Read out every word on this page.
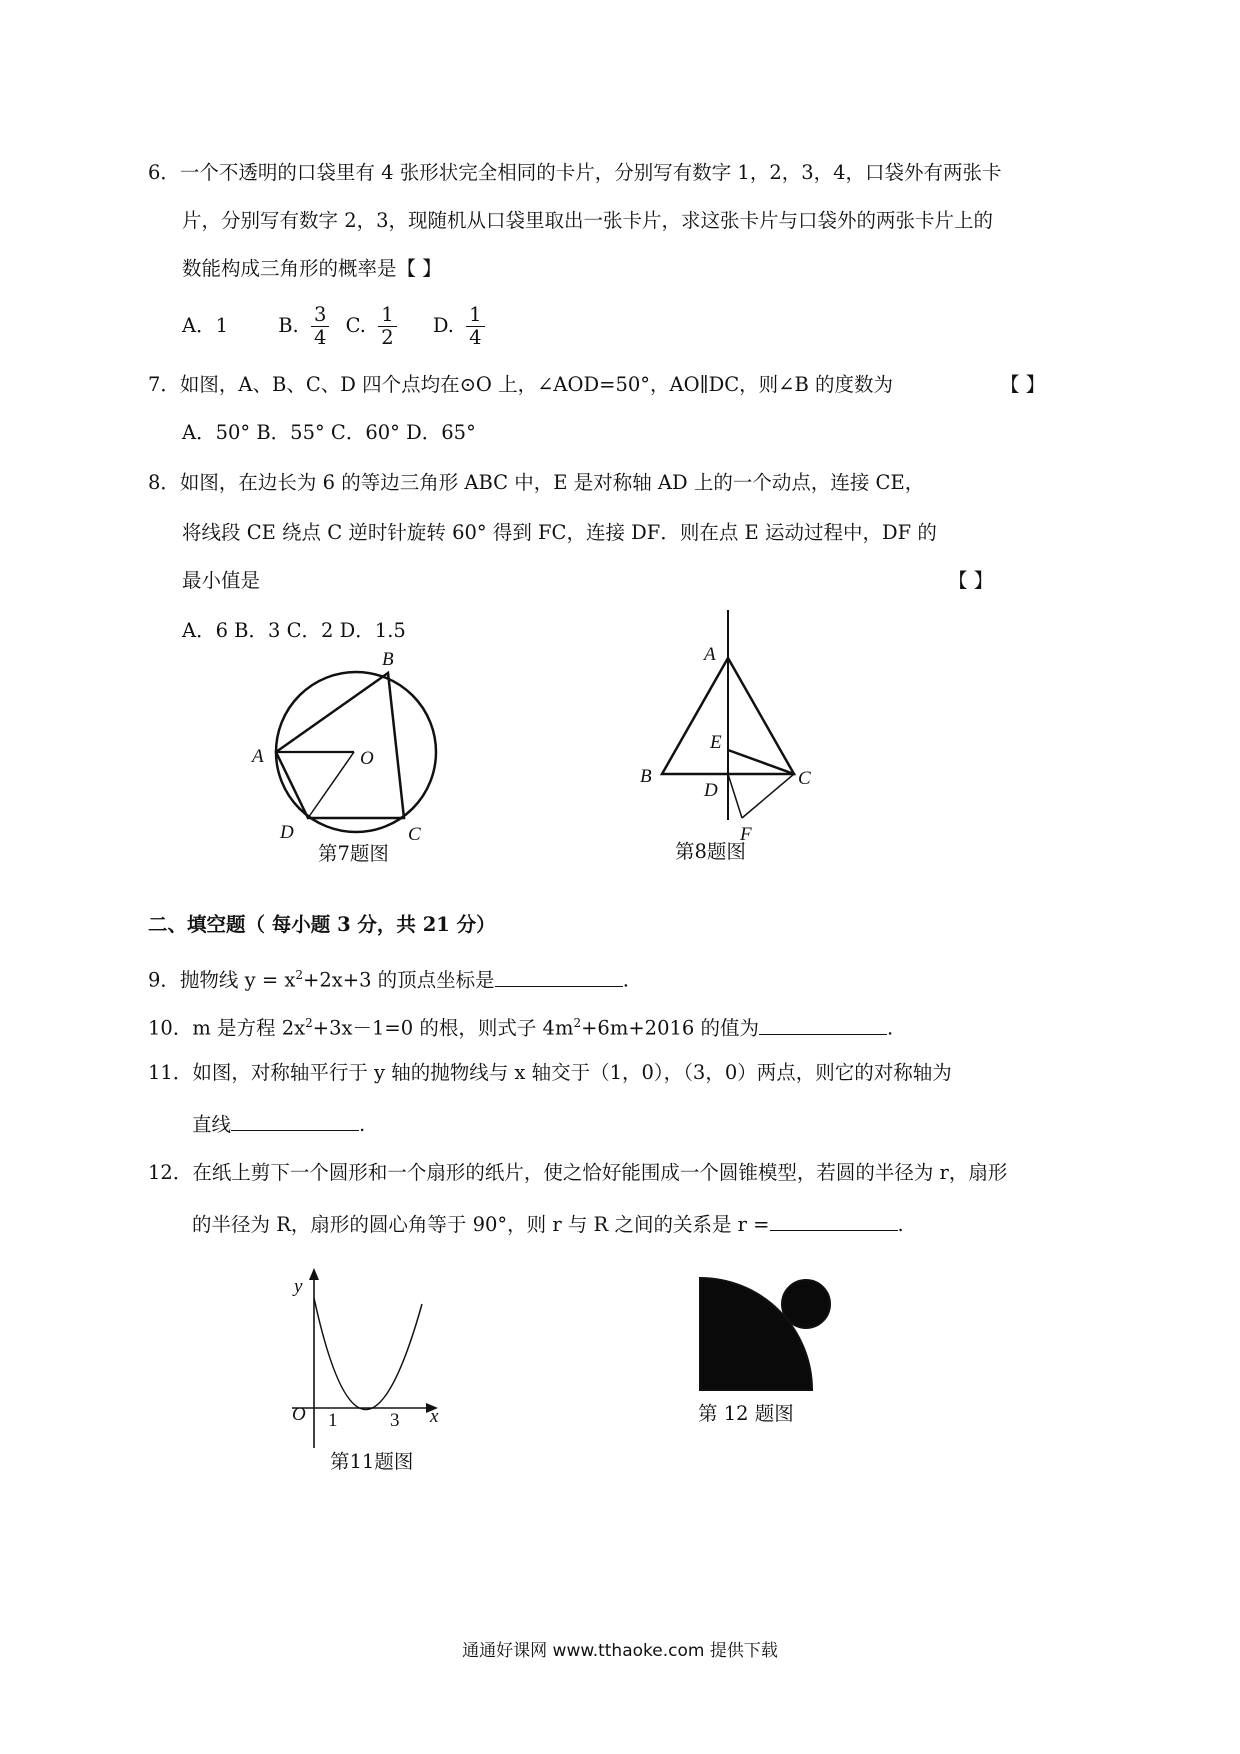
6．一个不透明的口袋里有 4 张形状完全相同的卡片，分别写有数字 1，2，3，4，口袋外有两张卡
片，分别写有数字 2，3，现随机从口袋里取出一张卡片，求这张卡片与口袋外的两张卡片上的
数能构成三角形的概率是【 】
A．1	B. $\frac{3}{4} C$. $\frac{1}{2} D$. $\frac{1}{4}$
7．如图，A、B、C、D 四个点均在⊙O 上，∠AOD=50°，AO∥DC，则∠B 的度数为	【 】
A．50° B．55° C．60° D．65°
8．如图，在边长为 6 的等边三角形 ABC 中，E 是对称轴 AD 上的一个动点，连接 CE，
将线段 CE 绕点 C 逆时针旋转 60° 得到 FC，连接 DF．则在点 E 运动过程中，DF 的
最小值是	【 】
A．6 B．3 C．2 D．1.5
B
A	O
D	C
第7题图
A
E
B
D
C
F
第8题图
二、填空题（ 每小题 3 分，共 21 分）
9．抛物线 $y = x^2+2x+3$ 的顶点坐标是	.
10．m 是方程 $2x^2+3x-1=0$ 的根，则式子 $4m^2+6m+2016$ 的值为	.
11．如图，对称轴平行于 y 轴的抛物线与 x 轴交于（1，0），（3，0）两点，则它的对称轴为
直线	.
12．在纸上剪下一个圆形和一个扇形的纸片，使之恰好能围成一个圆锥模型，若圆的半径为 r，扇形
的半径为 R，扇形的圆心角等于 90°，则 r 与 R 之间的关系是 r =	.
y
O 1	3 x
第11题图
第 12 题图
通通好课网 www.tthaoke.com 提供下载
